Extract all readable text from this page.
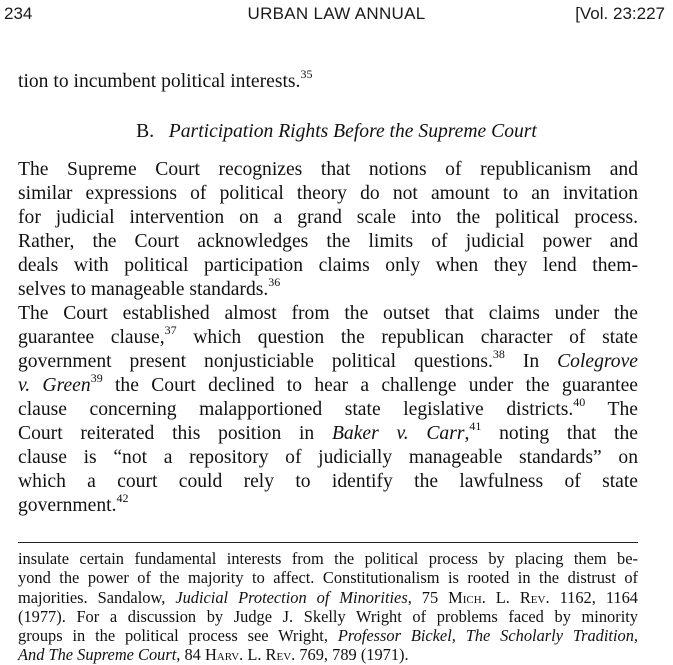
234	URBAN LAW ANNUAL	[Vol. 23:227
tion to incumbent political interests.$^{35}$
B. Participation Rights Before the Supreme Court
The Supreme Court recognizes that notions of republicanism and
similar expressions of political theory do not amount to an invitation
for judicial intervention on a grand scale into the political process.
Rather, the Court acknowledges the limits of judicial power and
deals with political participation claims only when they lend them-
selves to manageable standards.$^{36}$
The Court established almost from the outset that claims under the
guarantee clause,$^{37}$ which question the republican character of state
government present nonjusticiable political questions.$^{38}$ In Colegrove
v. Green$^{39}$ the Court declined to hear a challenge under the guarantee
clause concerning malapportioned state legislative districts.$^{40}$ The
Court reiterated this position in Baker v. Carr,$^{41}$ noting that the
clause is “not a repository of judicially manageable standards” on
which a court could rely to identify the lawfulness of state
government.$^{42}$
insulate certain fundamental interests from the political process by placing them be-
yond the power of the majority to affect. Constitutionalism is rooted in the distrust of
majorities. Sandalow, Judicial Protection of Minorities, 75 Mich. L. Rev. 1162, 1164
(1977). For a discussion by Judge J. Skelly Wright of problems faced by minority
groups in the political process see Wright, Professor Bickel, The Scholarly Tradition,
And The Supreme Court, 84 Harv. L. Rev. 769, 789 (1971).
